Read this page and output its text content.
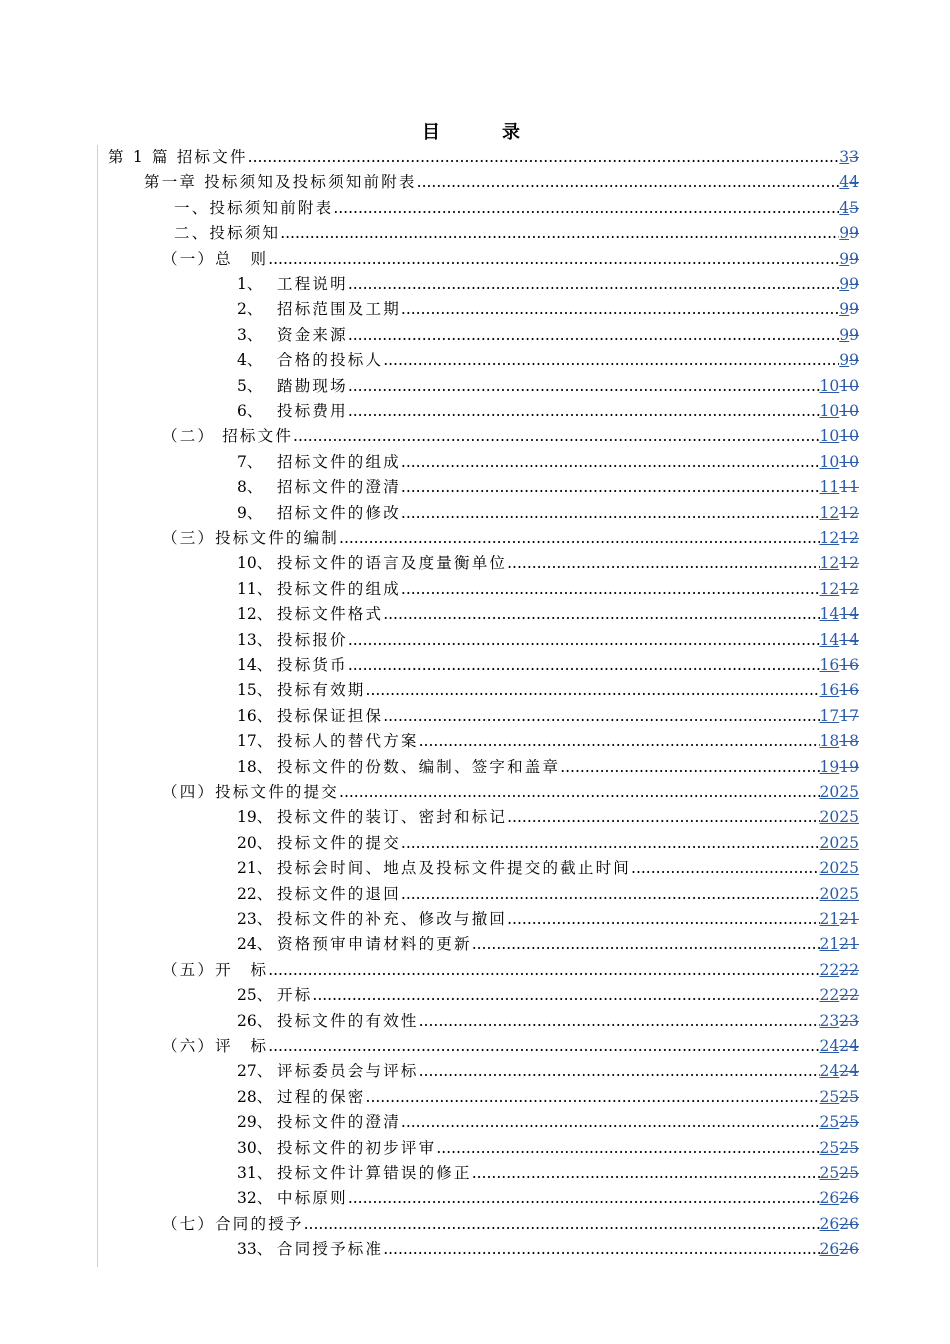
目　录
第 1 篇 招标文件 .....	33
第一章 投标须知及投标须知前附表 .....	44
一、投标须知前附表 .....	45
二、投标须知 .....	99
（一）总　则 .....	99
1、 工程说明 .....	99
2、 招标范围及工期 .....	99
3、 资金来源 .....	99
4、 合格的投标人 .....	99
5、 踏勘现场 .....	1010
6、 投标费用 .....	1010
（二） 招标文件 .....	1010
7、 招标文件的组成 .....	1010
8、 招标文件的澄清 .....	1111
9、 招标文件的修改 .....	1212
（三）投标文件的编制 .....	1212
10、 投标文件的语言及度量衡单位 .....	1212
11、 投标文件的组成 .....	1212
12、 投标文件格式 .....	1414
13、 投标报价 .....	1414
14、 投标货币 .....	1616
15、 投标有效期 .....	1616
16、 投标保证担保 .....	1717
17、 投标人的替代方案 .....	1818
18、 投标文件的份数、编制、签字和盖章 .....	1919
（四）投标文件的提交 .....	2025
19、 投标文件的装订、密封和标记 .....	2025
20、 投标文件的提交 .....	2025
21、 投标会时间、地点及投标文件提交的截止时间 .....	2025
22、 投标文件的退回 .....	2025
23、 投标文件的补充、修改与撤回 .....	2121
24、 资格预审申请材料的更新 .....	2121
（五）开　标 .....	2222
25、 开标 .....	2222
26、 投标文件的有效性 .....	2323
（六）评　标 .....	2424
27、 评标委员会与评标 .....	2424
28、 过程的保密 .....	2525
29、 投标文件的澄清 .....	2525
30、 投标文件的初步评审 .....	2525
31、 投标文件计算错误的修正 .....	2525
32、 中标原则 .....	2626
（七）合同的授予 .....	2626
33、 合同授予标准 .....	2626
